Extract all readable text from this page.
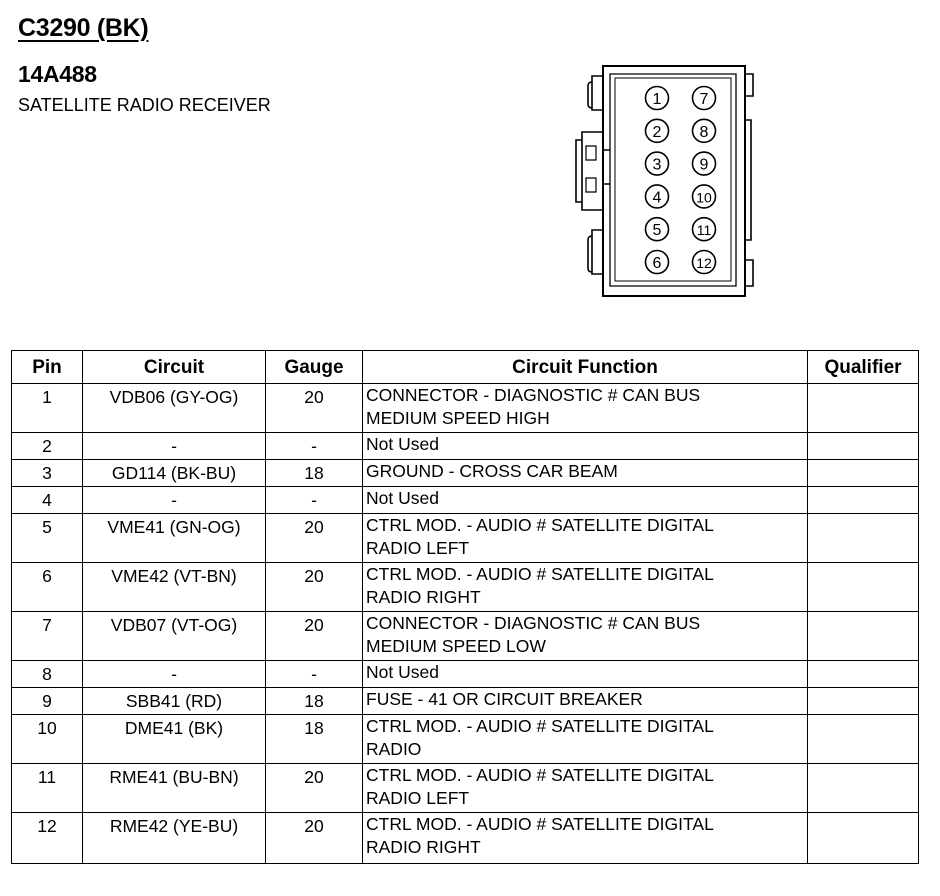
C3290 (BK)
14A488
SATELLITE RADIO RECEIVER	1
2
3
4
5
6
7
8
9
10
11
12
Pin	Circuit	Gauge	Circuit Function	Qualifier
1	VDB06 (GY-OG)	20	CONNECTOR - DIAGNOSTIC # CAN BUS
MEDIUM SPEED HIGH	

2	-	-	Not Used	

3	GD114 (BK-BU)	18	GROUND - CROSS CAR BEAM	

4	-	-	Not Used	

5	VME41 (GN-OG)	20	CTRL MOD. - AUDIO # SATELLITE DIGITAL
RADIO LEFT	

6	VME42 (VT-BN)	20	CTRL MOD. - AUDIO # SATELLITE DIGITAL
RADIO RIGHT	

7	VDB07 (VT-OG)	20	CONNECTOR - DIAGNOSTIC # CAN BUS
MEDIUM SPEED LOW	

8	-	-	Not Used	

9	SBB41 (RD)	18	FUSE - 41 OR CIRCUIT BREAKER	

10	DME41 (BK)	18	CTRL MOD. - AUDIO # SATELLITE DIGITAL
RADIO	

11	RME41 (BU-BN)	20	CTRL MOD. - AUDIO # SATELLITE DIGITAL
RADIO LEFT	

12	RME42 (YE-BU)	20	CTRL MOD. - AUDIO # SATELLITE DIGITAL
RADIO RIGHT	
